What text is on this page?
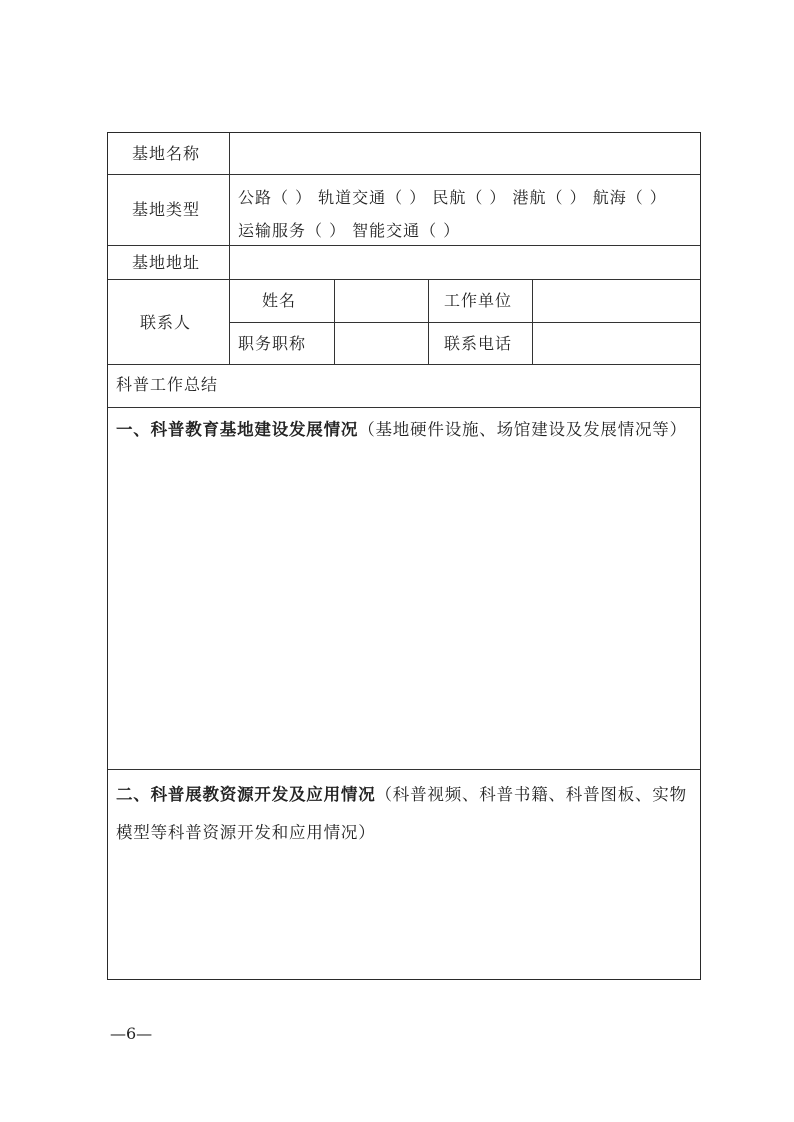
基地名称
基地类型
公路（ ） 轨道交通（ ） 民航（ ） 港航（ ） 航海（ ）
运输服务（ ） 智能交通（ ）
基地地址
联系人
姓名	工作单位
职务职称	联系电话
科普工作总结
一、科普教育基地建设发展情况（基地硬件设施、场馆建设及发展情况等）
二、科普展教资源开发及应用情况（科普视频、科普书籍、科普图板、实物模型等科普资源开发和应用情况）
—6—
